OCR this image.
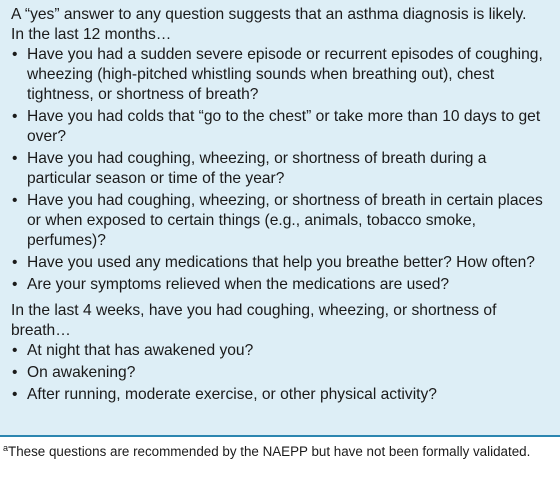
A “yes” answer to any question suggests that an asthma diagnosis is likely.

In the last 12 months…

• Have you had a sudden severe episode or recurrent episodes of coughing, wheezing (high-pitched whistling sounds when breathing out), chest tightness, or shortness of breath?
• Have you had colds that “go to the chest” or take more than 10 days to get over?
• Have you had coughing, wheezing, or shortness of breath during a particular season or time of the year?
• Have you had coughing, wheezing, or shortness of breath in certain places or when exposed to certain things (e.g., animals, tobacco smoke, perfumes)?
• Have you used any medications that help you breathe better? How often?
• Are your symptoms relieved when the medications are used?

In the last 4 weeks, have you had coughing, wheezing, or shortness of breath…

• At night that has awakened you?
• On awakening?
• After running, moderate exercise, or other physical activity?
$^a$These questions are recommended by the NAEPP but have not been formally validated.
